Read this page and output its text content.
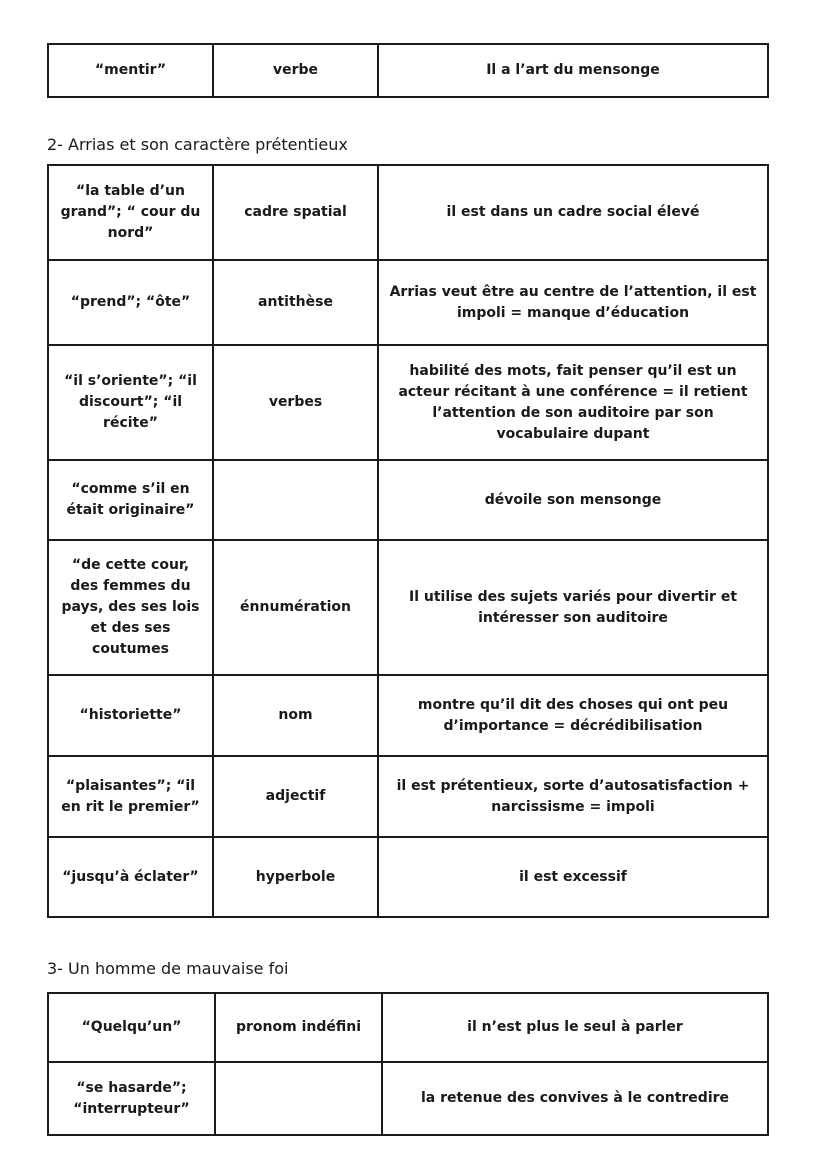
“mentir”	verbe	Il a l’art du mensonge
2- Arrias et son caractère prétentieux
“la table d’un grand”; “ cour du nord”	cadre spatial	il est dans un cadre social élevé
“prend”; “ôte”	antithèse	Arrias veut être au centre de l’attention, il est impoli = manque d’éducation
“il s’oriente”; “il discourt”; “il récite”	verbes	habilité des mots, fait penser qu’il est un acteur récitant à une conférence = il retient l’attention de son auditoire par son vocabulaire dupant
“comme s’il en était originaire”		dévoile son mensonge
“de cette cour, des femmes du pays, des ses lois et des ses coutumes	énnumération	Il utilise des sujets variés pour divertir et intéresser son auditoire
“historiette”	nom	montre qu’il dit des choses qui ont peu d’importance = décrédibilisation
“plaisantes”; “il en rit le premier”	adjectif	il est prétentieux, sorte d’autosatisfaction + narcissisme = impoli
“jusqu’à éclater”	hyperbole	il est excessif
3- Un homme de mauvaise foi
“Quelqu’un”	pronom indéfini	il n’est plus le seul à parler
“se hasarde”; “interrupteur”		la retenue des convives à le contredire
